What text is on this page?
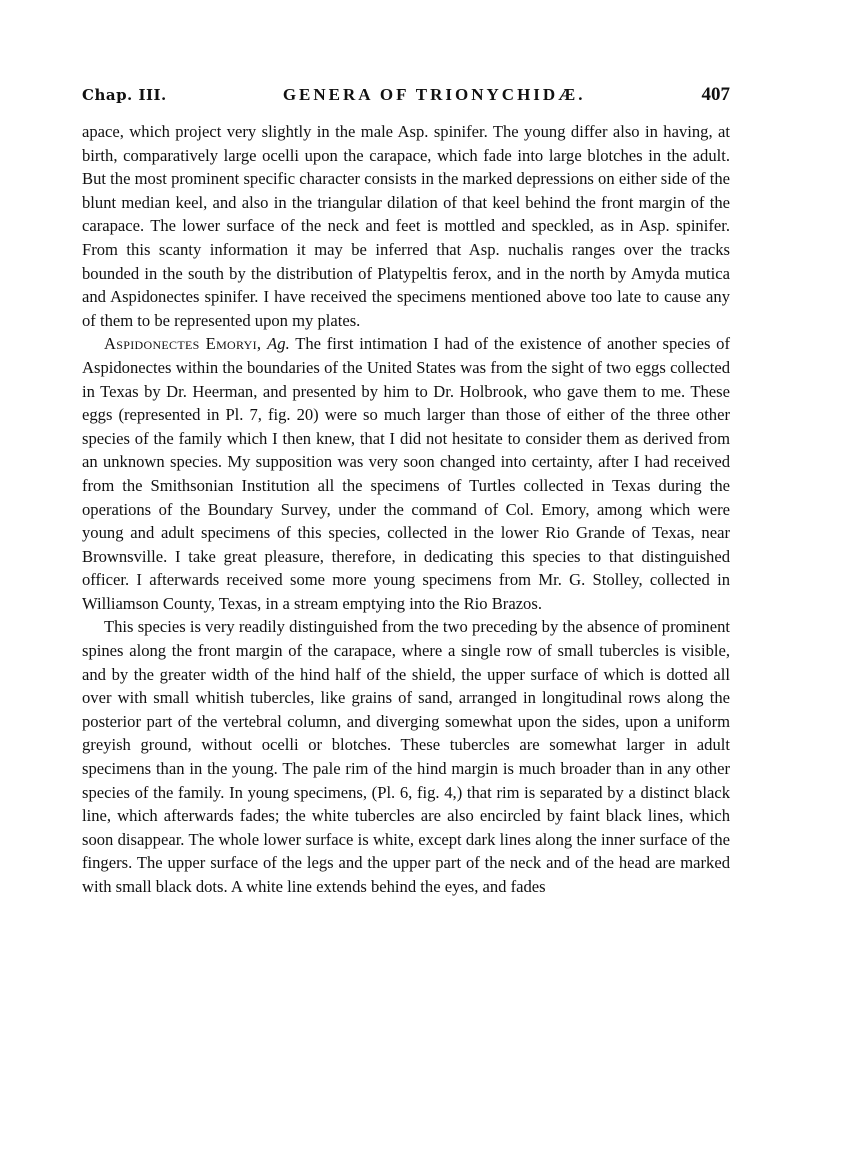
Chap. III.	GENERA OF TRIONYCHIDÆ.	407

apace, which project very slightly in the male Asp. spinifer. The young differ also in having, at birth, comparatively large ocelli upon the carapace, which fade into large blotches in the adult. But the most prominent specific character consists in the marked depressions on either side of the blunt median keel, and also in the triangular dilation of that keel behind the front margin of the carapace. The lower surface of the neck and feet is mottled and speckled, as in Asp. spinifer. From this scanty information it may be inferred that Asp. nuchalis ranges over the tracks bounded in the south by the distribution of Platypeltis ferox, and in the north by Amyda mutica and Aspidonectes spinifer. I have received the specimens mentioned above too late to cause any of them to be represented upon my plates.

Aspidonectes Emoryi, Ag. The first intimation I had of the existence of another species of Aspidonectes within the boundaries of the United States was from the sight of two eggs collected in Texas by Dr. Heerman, and presented by him to Dr. Holbrook, who gave them to me. These eggs (represented in Pl. 7, fig. 20) were so much larger than those of either of the three other species of the family which I then knew, that I did not hesitate to consider them as derived from an unknown species. My supposition was very soon changed into certainty, after I had received from the Smithsonian Institution all the specimens of Turtles collected in Texas during the operations of the Boundary Survey, under the command of Col. Emory, among which were young and adult specimens of this species, collected in the lower Rio Grande of Texas, near Brownsville. I take great pleasure, therefore, in dedicating this species to that distinguished officer. I afterwards received some more young specimens from Mr. G. Stolley, collected in Williamson County, Texas, in a stream emptying into the Rio Brazos.

This species is very readily distinguished from the two preceding by the absence of prominent spines along the front margin of the carapace, where a single row of small tubercles is visible, and by the greater width of the hind half of the shield, the upper surface of which is dotted all over with small whitish tubercles, like grains of sand, arranged in longitudinal rows along the posterior part of the vertebral column, and diverging somewhat upon the sides, upon a uniform greyish ground, without ocelli or blotches. These tubercles are somewhat larger in adult specimens than in the young. The pale rim of the hind margin is much broader than in any other species of the family. In young specimens, (Pl. 6, fig. 4,) that rim is separated by a distinct black line, which afterwards fades; the white tubercles are also encircled by faint black lines, which soon disappear. The whole lower surface is white, except dark lines along the inner surface of the fingers. The upper surface of the legs and the upper part of the neck and of the head are marked with small black dots. A white line extends behind the eyes, and fades
